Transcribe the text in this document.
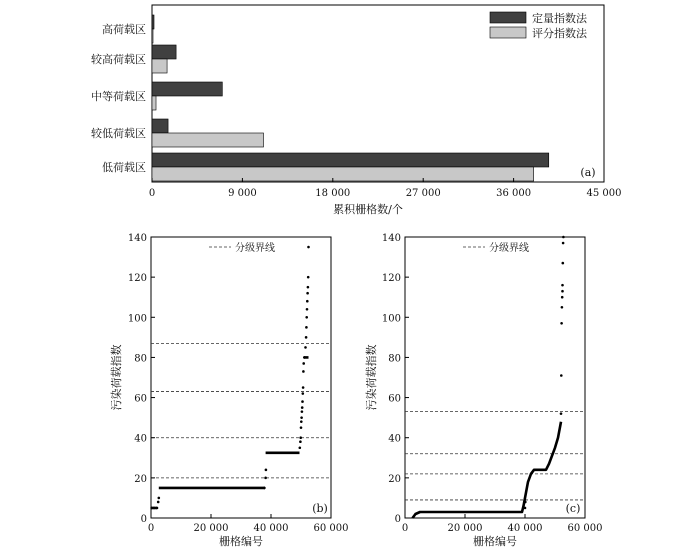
高荷载区
较高荷载区
中等荷载区
较低荷载区
低荷载区
0	9 000	18 000	27 000	36 000	45 000
累积栅格数/个
定量指数法
评分指数法
(a)
0
20
40
60
80
100
120
140
0	20 000	40 000	60 000
栅格编号
污染荷载指数
分级界线
(b)
0
20
40
60
80
100
120
140
0	20 000	40 000	60 000
栅格编号
污染荷载指数
分级界线
(c)
